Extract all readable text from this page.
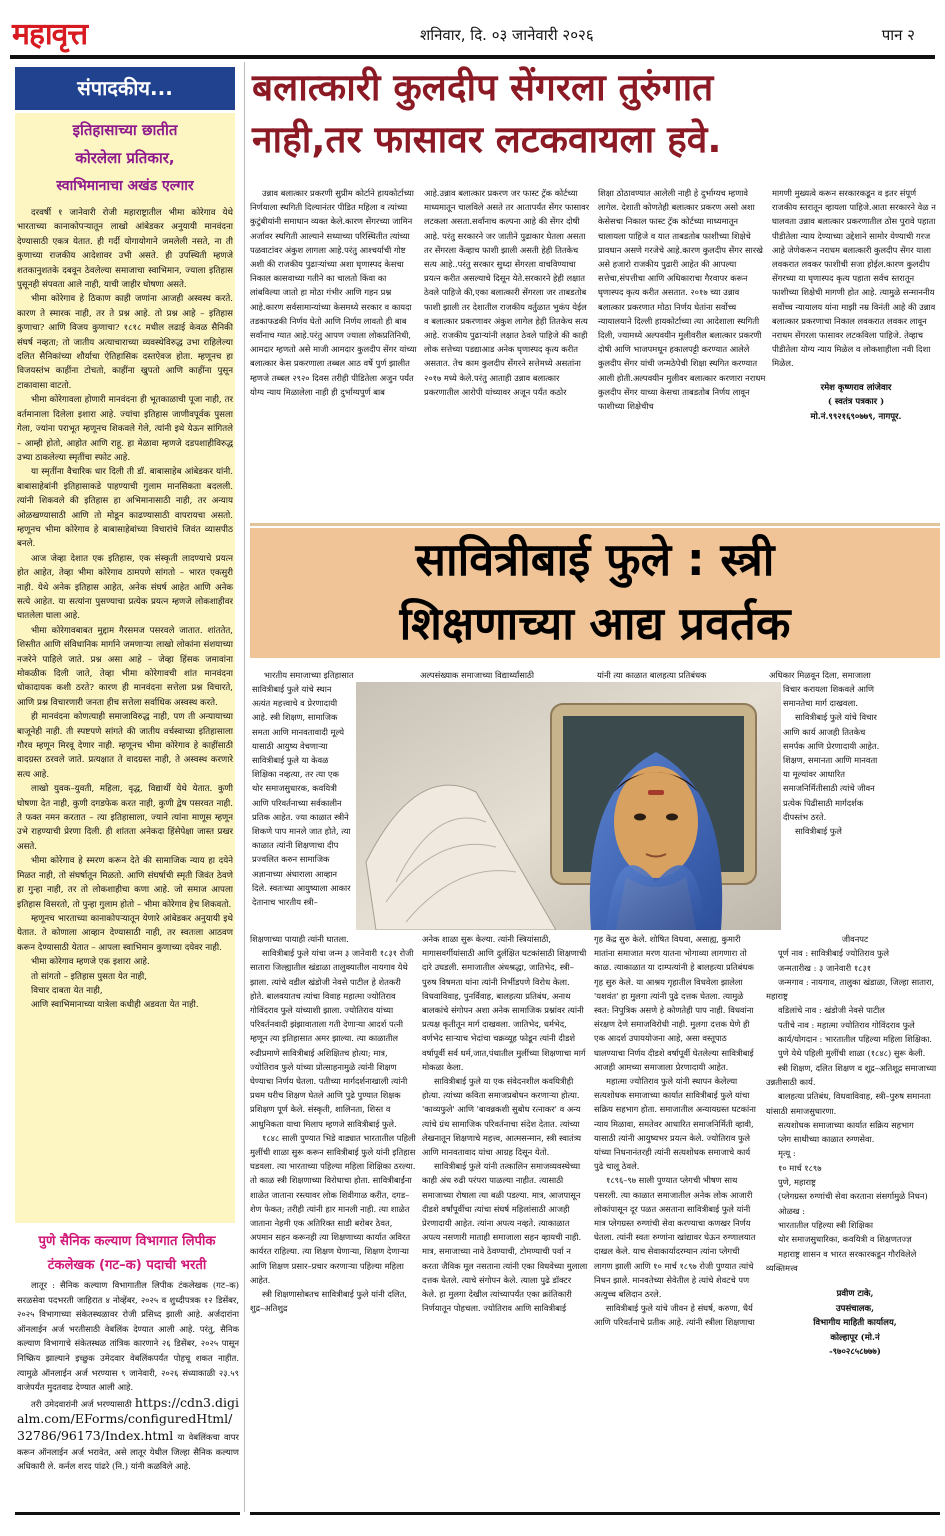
महावृत्त	शनिवार, दि. ०३ जानेवारी २०२६	पान २
संपादकीय...
इतिहासाच्या छातीत
कोरलेला प्रतिकार,
स्वाभिमानाचा अखंड एल्गार

दरवर्षी १ जानेवारी रोजी महाराष्ट्रातील भीमा कोरेगाव येथे भारताच्या कानाकोपऱ्यातून लाखो आंबेडकर अनुयायी मानवंदना देण्यासाठी एकत्र येतात. ही गर्दी योगायोगाने जमलेली नसते, ना ती कुणाच्या राजकीय आदेशावर उभी असते. ही उपस्थिती म्हणजे शतकानुशतके दबवून ठेवलेल्या समाजाचा स्वाभिमान, ज्याला इतिहास पुसूनही संपवता आले नाही, याची जाहीर घोषणा असते.

भीमा कोरेगाव हे ठिकाण काही जणांना आजही अस्वस्थ करते. कारण ते स्मारक नाही, तर ते प्रश्न आहे. तो प्रश्न आहे – इतिहास कुणाचा? आणि विजय कुणाचा? १८१८ मधील लढाई केवळ सैनिकी संघर्ष नव्हता; तो जातीय अत्याचाराच्या व्यवस्थेविरुद्ध उभा राहिलेल्या दलित सैनिकांच्या शौर्याचा ऐतिहासिक दस्तऐवज होता. म्हणूनच हा विजयस्तंभ काहींना टोचतो, काहींना खुपतो आणि काहींना पुसून टाकावासा वाटतो.

भीमा कोरेगावला होणारी मानवंदना ही भूतकाळाची पूजा नाही, तर वर्तमानाला दिलेला इशारा आहे. ज्यांचा इतिहास जाणीवपूर्वक पुसला गेला, ज्यांना पराभूत म्हणूनच शिकवले गेले, त्यांनी इथे येऊन सांगितले – आम्ही होतो, आहोत आणि राहू. हा मेळावा म्हणजे दडपशाहीविरुद्ध उभ्या ठाकलेल्या स्मृतींचा स्फोट आहे.

या स्मृतींना वैचारिक धार दिली ती डॉ. बाबासाहेब आंबेडकर यांनी. बाबासाहेबांनी इतिहासाकडे पाहण्याची गुलाम मानसिकता बदलली. त्यांनी शिकवले की इतिहास हा अभिमानासाठी नाही, तर अन्याय ओळखण्यासाठी आणि तो मोडून काढण्यासाठी वापरायचा असतो. म्हणूनच भीमा कोरेगाव हे बाबासाहेबांच्या विचारांचे जिवंत व्यासपीठ बनले.

आज जेव्हा देशात एक इतिहास, एक संस्कृती लादण्याचे प्रयत्न होत आहेत, तेव्हा भीमा कोरेगाव ठामपणे सांगतो – भारत एकसुरी नाही. येथे अनेक इतिहास आहेत, अनेक संघर्ष आहेत आणि अनेक सत्ये आहेत. या सत्यांना पुसण्याचा प्रत्येक प्रयत्न म्हणजे लोकशाहीवर घातलेला घाला आहे.

भीमा कोरेगावबाबत मुद्दाम गैरसमज पसरवले जातात. शांततेत, शिस्तीत आणि संविधानिक मार्गाने जमणाऱ्या लाखो लोकांना संशयाच्या नजरेने पाहिले जाते. प्रश्न असा आहे – जेव्हा हिंसक जमावांना मोकळीक दिली जाते, तेव्हा भीमा कोरेगावची शांत मानवंदना धोकादायक कशी ठरते? कारण ही मानवंदना सत्तेला प्रश्न विचारते, आणि प्रश्न विचारणारी जनता हीच सत्तेला सर्वाधिक अस्वस्थ करते.

ही मानवंदना कोणत्याही समाजाविरुद्ध नाही, पण ती अन्यायाच्या बाजूनेही नाही. ती स्पष्टपणे सांगते की जातीय वर्चस्वाच्या इतिहासाला गौरव म्हणून मिरवू देणार नाही. म्हणूनच भीमा कोरेगाव हे काहींसाठी वादग्रस्त ठरवले जाते. प्रत्यक्षात ते वादग्रस्त नाही, ते अस्वस्थ करणारे सत्य आहे.

लाखो युवक–युवती, महिला, वृद्ध, विद्यार्थी येथे येतात. कुणी घोषणा देत नाही, कुणी दगडफेक करत नाही, कुणी द्वेष पसरवत नाही. ते फक्त नमन करतात – त्या इतिहासाला, ज्याने त्यांना माणूस म्हणून उभे राहण्याची प्रेरणा दिली. ही शांतता अनेकदा हिंसेपेक्षा जास्त प्रखर असते.

भीमा कोरेगाव हे स्मरण करून देते की सामाजिक न्याय हा दयेने मिळत नाही, तो संघर्षातून मिळतो. आणि संघर्षाची स्मृती जिवंत ठेवणे हा गुन्हा नाही, तर तो लोकशाहीचा कणा आहे. जो समाज आपला इतिहास विसरतो, तो पुन्हा गुलाम होतो – भीमा कोरेगाव हेच शिकवतो.

म्हणूनच भारताच्या कानाकोपऱ्यातून येणारे आंबेडकर अनुयायी इथे येतात. ते कोणाला आव्हान देण्यासाठी नाही, तर स्वतःला आठवण करून देण्यासाठी येतात – आपला स्वाभिमान कुणाच्या दयेवर नाही.

भीमा कोरेगाव म्हणजे एक इशारा आहे.

तो सांगतो – इतिहास पुसता येत नाही,

विचार दाबता येत नाही,

आणि स्वाभिमानाच्या यात्रेला कधीही अडवता येत नाही.

पुणे सैनिक कल्याण विभागात लिपीक
टंकलेखक (गट–क) पदाची भरती

लातूर : सैनिक कल्याण विभागातील लिपीक टंकलेखक (गट–क) सरळसेवा पदभरती जाहिरात ४ नोव्हेंबर, २०२५ व शुध्दीपत्रक १२ डिसेंबर, २०२५ विभागाच्या संकेतस्थळावर रोजी प्रसिध्द झाली आहे. अर्जदारांना ऑनलाईन अर्ज भरतीसाठी वेबलिंक देण्यात आली आहे. परंतु, सैनिक कल्याण विभागाचे संकेतस्थळ तांत्रिक कारणाने २६ डिसेंबर, २०२५ पासून निष्क्रिय झाल्याने इच्छुक उमेदवार वेबलिंकपर्यंत पोहचू शकत नाहीत. त्यामुळे ऑनलाईन अर्ज भरण्यास ९ जानेवारी, २०२६ संध्याकाळी २३.५९ वाजेपर्यंत मुदतवाढ देण्यात आली आहे.

तरी उमेदवारांनी अर्ज भरण्यासाठी https://cdn3.digialm.com/EForms/configuredHtml/32786/96173/Index.html या वेबलिंकचा वापर करून ऑनलाईन अर्ज भरावेत, असे लातूर येथील जिल्हा सैनिक कल्याण अधिकारी ले. कर्नल शरद पांढरे (नि.) यांनी कळविले आहे.

बलात्कारी कुलदीप सेंगरला तुरुंगात
नाही,तर फासावर लटकवायला हवे.

उन्नाव बलात्कार प्रकरणी सुप्रीम कोर्टाने हायकोर्टाच्या निर्णयाला स्थगिती दिल्यानंतर पीडित महिला व त्यांच्या कुटुंबीयांनी समाधान व्यक्त केले.कारण सेंगरच्या जामिन अर्जावर स्थगिती आल्याने सध्याच्या परिस्थितीत त्यांच्या पळवाटांवर अंकुश लागला आहे.परंतु आश्चर्याची गोष्ट अशी की राजकीय पुढाऱ्यांच्या अशा घृणास्पद केसचा निकाल कासवाच्या गतीने का चालतो किंवा का लांबविल्या जातो हा मोठा गंभीर आणि गहन प्रश्न आहे.कारण सर्वसामान्यांच्या केसमध्ये सरकार व कायदा तडकाफडकी निर्णय घेतो आणि निर्णय लावतो ही बाब सर्वांनाच ग्यात आहे.परंतु आपण ज्याला लोकप्रतिनिधी, आमदार म्हणतो असे माजी आमदार कुलदीप सेंगर यांच्या बलात्कार केस प्रकरणाला तब्बल आठ वर्षे पुर्ण झालीत म्हणजे तब्बल २९२० दिवस तरीही पीडितेला अजुन पर्यंत योग्य न्याय मिळालेला नाही ही दुर्भाग्यपुर्ण बाब

आहे.उन्नाव बलात्कार प्रकरण जर फास्ट ट्रॅक कोर्टच्या माध्यमातून चालविले असते तर आतापर्यंत सेंगर फासावर लटकला असता.सर्वांनाच कल्पना आहे की सेंगर दोषी आहे. परंतु सरकारने जर जातीने पुढाकार घेतला असता तर सेंगरला केंव्हाच फाशी झाली असती हेही तितकेच सत्य आहे..परंतु सरकार सुध्दा सेंगरला वाचविण्याचा प्रयत्न करीत असल्याचे दिसून येते.सरकारने हेही लक्षात ठेवले पाहिजे की,एका बलात्कारी सेंगरला जर ताबडतोब फाशी झाली तर देशातील राजकीय वर्तुळात भुकंप येईल व बलात्कार प्रकरणावर अंकुश लागेल हेही तितकेच सत्य आहे. राजकीय पुढाऱ्यांनी लक्षात ठेवले पाहिजे की काही लोक सत्तेच्या पडद्याआड अनेक घृणास्पद कृत्य करीत असतात. तेच काम कुलदीप सेंगरने सत्तेमध्ये असतांना २०१७ मध्ये केले.परंतु आताही उन्नाव बलात्कार प्रकरणातील आरोपी यांच्यावर अजून पर्यंत कठोर

शिक्षा ठोठावण्यात आलेली नाही हे दुर्भाग्यच म्हणावे लागेल. देशाती कोणतेही बलात्कार प्रकरण असो अशा केसेसचा निकाल फास्ट ट्रॅक कोर्टच्या माध्यमातून चालायला पाहिजे व यात ताबडतोब फाशीच्या शिक्षेचे प्रावधान असणे गरजेचे आहे.कारण कुलदीप सेंगर सारखे असे हजारो राजकीय पुढारी आहेत की आपल्या सत्तेचा,संपत्तीचा आणि अधिकाराचा गैरवापर करून घृणास्पद कृत्य करीत असतात. २०१७ च्या उन्नाव बलात्कार प्रकरणात मोठा निर्णय घेतांना सर्वोच्च न्यायालयाने दिल्ली हायकोर्टाच्या त्या आदेशाला स्थगिती दिली, ज्यामध्ये अल्पवयीन मुलीवरील बलात्कार प्रकरणी दोषी आणि भाजपमधून हकालपट्टी करण्यात आलेले कुलदीप सेंगर यांची जन्मठेपेची शिक्षा स्थगित करण्यात आली होती.अल्पवयीन मुलीवर बलात्कार करणारा नराधम कुलदीप सेंगर याच्या केसचा ताबडतोब निर्णय लावून फाशीच्या शिक्षेचीच

मागणी मुख्यत्वे करून सरकारकडून व इतर संपूर्ण राजकीय स्तरातून व्हायला पाहिजे.आता सरकारने वेळ न घालवता उन्नाव बलात्कार प्रकरणातील ठोस पुरावे पहाता पीडीतेला न्याय देण्याच्या उद्देशाने सामोर येण्याची गरज आहे जेणेकरून नराधम बलात्कारी कुलदीप सेंगर याला लवकरात लवकर फाशीची सजा होईल.कारण कुलदीप सेंगरच्या या घृणास्पद कृत्य पहाता सर्वच स्तरातून फाशीच्या शिक्षेची मागणी होत आहे. त्यामुळे सन्माननीय सर्वोच्च न्यायालय यांना माझी नम्र विनंती आहे की उन्नाव बलात्कार प्रकरणाचा निकाल लवकरात लवकर लावून नराधम सेंगरला फासावर लटकविला पाहिजे. तेव्हाच पीडीतेला योग्य न्याय मिळेल व लोकशाहीला नवी दिशा मिळेल.

रमेश कृष्णराव लांजेवार
( स्वतंत्र पत्रकार )
मो.नं.९९२१६९०७७९, नागपूर.
सावित्रीबाई फुले : स्त्री
शिक्षणाच्या आद्य प्रवर्तक
भारतीय समाजाच्या इतिहासात	अल्पसंख्याक समाजाच्या विद्यार्थ्यांसाठी	यांनी त्या काळात बालहत्या प्रतिबंधक	अधिकार मिळवून दिला, समाजाला
सावित्रीबाई फुले यांचे स्थान अत्यंत महत्त्वाचे व प्रेरणादायी आहे. स्त्री शिक्षण, सामाजिक समता आणि मानवतावादी मूल्ये यासाठी आयुष्य वेचणाऱ्या सावित्रीबाई फुले या केवळ शिक्षिका नव्हत्या, तर त्या एक थोर समाजसुधारक, कवयित्री आणि परिवर्तनाच्या सर्वकालीन प्रतिक आहेत. ज्या काळात स्त्रीने शिकणे पाप मानले जात होते, त्या काळात त्यांनी शिक्षणाचा दीप प्रज्वलित करुन सामाजिक अज्ञानाच्या अंधाराला आव्हान दिले. स्वतःच्या आयुष्याला आकार देतानाच भारतीय स्त्री–
विचार करायला शिकवले आणि समानतेचा मार्ग दाखवला.
सावित्रीबाई फुले यांचे विचार आणि कार्य आजही तितकेच समर्पक आणि प्रेरणादायी आहेत. शिक्षण, समानता आणि मानवता या मूल्यांवर आधारित समाजनिर्मितीसाठी त्यांचे जीवन प्रत्येक पिढीसाठी मार्गदर्शक दीपस्तंभ ठरते.
सावित्रीबाई फुले

शिक्षणाच्या पायाही त्यांनी घातला.

सावित्रीबाई फुले यांचा जन्म ३ जानेवारी १८३१ रोजी सातारा जिल्ह्यातील खंडाळा तालुक्यातील नायगाव येथे झाला. त्यांचे वडील खंडोजी नेवसे पाटील हे शेतकरी होते. बालवयातच त्यांचा विवाह महात्मा ज्योतिराव गोविंदराव फुले यांच्याशी झाला. ज्योतिराव यांच्या परिवर्तनवादी झंझावाताला गती देणाऱ्या आदर्श पत्नी म्हणून त्या इतिहासात अमर झाल्या. त्या काळातील रुढीप्रमाणे सावित्रीबाई अशिक्षितच होत्या; मात्र, ज्योतिराव फुले यांच्या प्रोत्साहनामुळे त्यांनी शिक्षण घेण्याचा निर्णय घेतला. पतीच्या मार्गदर्शनाखाली त्यांनी प्रथम घरीच शिक्षण घेतले आणि पुढे पुण्यात शिक्षक प्रशिक्षण पूर्ण केले. संस्कृती, शालिनता, शिस्त व आधुनिकता याचा मिलाप म्हणजे सावित्रीबाई फुले.

१८४८ साली पुण्यात भिडे वाड्यात भारतातील पहिली मुलींची शाळा सुरू करून सावित्रीबाई फुले यांनी इतिहास घडवला. त्या भारताच्या पहिल्या महिला शिक्षिका ठरल्या. तो काळ स्त्री शिक्षणाच्या विरोधाचा होता. सावित्रीबाईंना शाळेत जाताना रस्त्यावर लोक शिवीगाळ करीत, दगड–शेण फेकत; तरीही त्यांनी हार मानली नाही. त्या शाळेत जाताना नेहमी एक अतिरिक्त साडी बरोबर ठेवत, अपमान सहन करूनही त्या शिक्षणाच्या कार्यात अविरत कार्यरत राहिल्या. त्या शिक्षण घेणाऱ्या, शिक्षण देणाऱ्या आणि शिक्षण प्रसार–प्रचार करणाऱ्या पहिल्या महिला आहेत.

स्त्री शिक्षणासोबतच सावित्रीबाई फुले यांनी दलित, शुद्र–अतिशुद्र

अनेक शाळा सुरू केल्या. त्यांनी स्त्रियांसाठी, मागासवर्गीयांसाठी आणि दुर्लक्षित घटकांसाठी शिक्षणाची दारे उघडली. समाजातील अंधश्रद्धा, जातिभेद, स्त्री–पुरुष विषमता यांना त्यांनी निर्भीडपणे विरोध केला. विधवाविवाह, पुनर्विवाह, बालहत्या प्रतिबंध, अनाथ बालकांचे संगोपन अशा अनेक सामाजिक प्रश्नांवर त्यांनी प्रत्यक्ष कृतीतून मार्ग दाखवला. जातिभेद, धर्मभेद, वर्णभेद साऱ्याच भेदांचा चक्रव्यूह फोडून त्यांनी दीडशे वर्षापूर्वी सर्व धर्म,जात,पंथातील मुलींच्या शिक्षणाचा मार्ग मोकळा केला.

सावित्रीबाई फुले या एक संवेदनशील कवयित्रीही होत्या. त्यांच्या कविता समाजप्रबोधन करणाऱ्या होत्या. 'काव्यफुले' आणि 'बावन्नकशी सुबोध रत्नाकर' व अन्य त्यांचे ग्रंथ सामाजिक परिवर्तनाचा संदेश देतात. त्यांच्या लेखनातून शिक्षणाचे महत्त्व, आत्मसन्मान, स्त्री स्वातंत्र्य आणि मानवतावाद यांचा आग्रह दिसून येतो.

सावित्रीबाई फुले यांनी तत्कालिन समाजव्यवस्थेच्या काही अंध रुढी परंपरा पाळल्या नाहीत. त्यासाठी समाजाच्या रोषाला त्या बळी पडल्या. मात्र, आजपासून दीडशे वर्षांपूर्वीचा त्यांचा संघर्ष महिलांसाठी आजही प्रेरणादायी आहेत. त्यांना अपत्य नव्हते. त्याकाळात अपत्य नसणारी माताही समाजाला सहन व्हायची नाही. मात्र, समाजाच्या नावे ठेवण्याची, टोमण्याची पर्वा न करता जैविक मूल नसताना त्यांनी एका विधवेच्या मुलाला दत्तक घेतले. त्याचे संगोपन केले. त्याला पुढे डॉक्टर केले. हा मुलगा देखील त्यांच्यापर्यंत एका क्रांतिकारी निर्णयातून पोहचला. ज्योतिराव आणि सावित्रीबाई

गृह केंद्र सुरु केले. शोषित विधवा, असाह्य, कुमारी मातांना समाजात मरण यातना भोगाव्या लागणारा तो काळ. त्याकाळात या दाम्पत्यांनी हे बालहत्या प्रतिबंधक गृह सुरु केले. या आश्रय गृहातील विधवेला झालेला 'यशवंत' हा मुलगा त्यांनी पुढे दत्तक घेतला. त्यामुळे स्वत: निपुत्रिक असणे हे कोणतेही पाप नाही. विधवांना संरक्षण देणे समाजविरोधी नाही. मुलगा दत्तक घेणे ही एक आदर्श उपाययोजना आहे, असा वस्तूपाठ घालण्याचा निर्णय दीडशे वर्षापूर्वी घेतलेल्या सावित्रीबाई आजही आमच्या समाजाला प्रेरणादायी आहेत.

महात्मा ज्योतिराव फुले यांनी स्थापन केलेल्या सत्यशोधक समाजाच्या कार्यात सावित्रीबाई फुले यांचा सक्रिय सहभाग होता. समाजातील अन्यायग्रस्त घटकांना न्याय मिळावा, समतेवर आधारित समाजनिर्मिती व्हावी, यासाठी त्यांनी आयुष्यभर प्रयत्न केले. ज्योतिराव फुले यांच्या निधनानंतरही त्यांनी सत्यशोधक समाजाचे कार्य पुढे चालू ठेवले.

१८९६–९७ साली पुण्यात प्लेगची भीषण साथ पसरली. त्या काळात समाजातील अनेक लोक आजारी लोकांपासून दूर पळत असताना सावित्रीबाई फुले यांनी मात्र प्लेगग्रस्त रुग्णांची सेवा करण्याचा कणखर निर्णय घेतला. त्यांनी स्वतः रुग्णांना खांद्यावर घेऊन रुग्णालयात दाखल केले. याच सेवाकार्यादरम्यान त्यांना प्लेगची लागण झाली आणि १० मार्च १८९७ रोजी पुण्यात त्यांचे निधन झाले. मानवतेच्या सेवेतील हे त्यांचे शेवटचे पण अत्युच्च बलिदान ठरले.

सावित्रीबाई फुले यांचे जीवन हे संघर्ष, करुणा, धैर्य आणि परिवर्तनाचे प्रतीक आहे. त्यांनी स्त्रीला शिक्षणाचा

जीवनपट

पूर्ण नाव : सावित्रीबाई ज्योतिराव फुले

जन्मतारीख : ३ जानेवारी १८३१

जन्मगाव : नायगाव, तालुका खंडाळा, जिल्हा सातारा, महाराष्ट्र

वडिलांचे नाव : खंडोजी नेवसे पाटील

पतीचे नाव : महात्मा ज्योतिराव गोविंदराव फुले

कार्य/योगदान : भारतातील पहिल्या महिला शिक्षिका.

पुणे येथे पहिली मुलींची शाळा (१८४८) सुरू केली.

स्त्री शिक्षण, दलित शिक्षण व शूद्र–अतिशूद्र समाजाच्या उन्नतीसाठी कार्य.

बालहत्या प्रतिबंध, विधवाविवाह, स्त्री–पुरुष समानता यांसाठी समाजसुधारणा.

सत्यशोधक समाजाच्या कार्यात सक्रिय सहभाग

प्लेग साथीच्या काळात रुग्णसेवा.

मृत्यू :

१० मार्च १८९७

पुणे, महाराष्ट्र

(प्लेगग्रस्त रुग्णांची सेवा करताना संसर्गामुळे निधन)

ओळख :

भारतातील पहिल्या स्त्री शिक्षिका

थोर समाजसुधारिका, कवयित्री व शिक्षणतज्ज्ञ

महाराष्ट्र शासन व भारत सरकारकडून गौरविलेले व्यक्तिमत्त्व

प्रवीण टाके,
उपसंचालक,
विभागीय माहिती कार्यालय,
कोल्हापूर (मो.नं
-९७०२८५८७७७)
